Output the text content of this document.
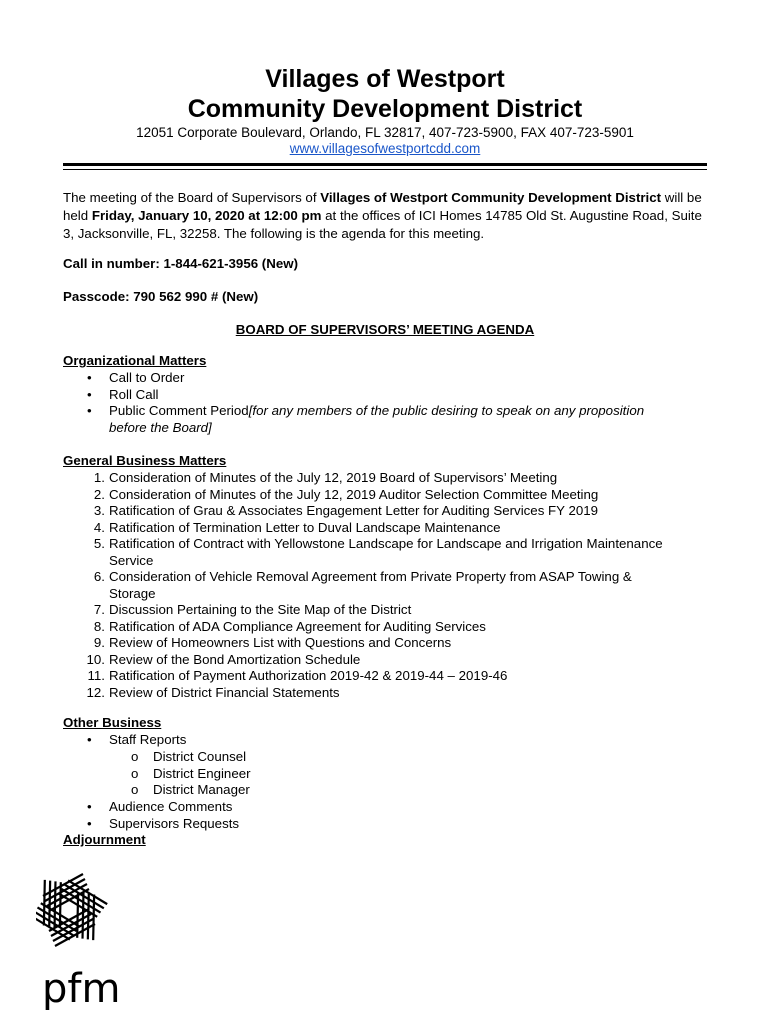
Villages of Westport
Community Development District
12051 Corporate Boulevard, Orlando, FL 32817, 407-723-5900, FAX 407-723-5901
www.villagesofwestportcdd.com
The meeting of the Board of Supervisors of Villages of Westport Community Development District will be held Friday, January 10, 2020 at 12:00 pm at the offices of ICI Homes 14785 Old St. Augustine Road, Suite 3, Jacksonville, FL, 32258. The following is the agenda for this meeting.
Call in number: 1-844-621-3956 (New)
Passcode: 790 562 990 # (New)
BOARD OF SUPERVISORS’ MEETING AGENDA
Organizational Matters
• Call to Order
• Roll Call
• Public Comment Period[for any members of the public desiring to speak on any proposition before the Board]
General Business Matters
1. Consideration of Minutes of the July 12, 2019 Board of Supervisors’ Meeting
2. Consideration of Minutes of the July 12, 2019 Auditor Selection Committee Meeting
3. Ratification of Grau & Associates Engagement Letter for Auditing Services FY 2019
4. Ratification of Termination Letter to Duval Landscape Maintenance
5. Ratification of Contract with Yellowstone Landscape for Landscape and Irrigation Maintenance Service
6. Consideration of Vehicle Removal Agreement from Private Property from ASAP Towing & Storage
7. Discussion Pertaining to the Site Map of the District
8. Ratification of ADA Compliance Agreement for Auditing Services
9. Review of Homeowners List with Questions and Concerns
10. Review of the Bond Amortization Schedule
11. Ratification of Payment Authorization 2019-42 & 2019-44 – 2019-46
12. Review of District Financial Statements
Other Business
• Staff Reports
o District Counsel
o District Engineer
o District Manager
• Audience Comments
• Supervisors Requests
Adjournment
pfm
